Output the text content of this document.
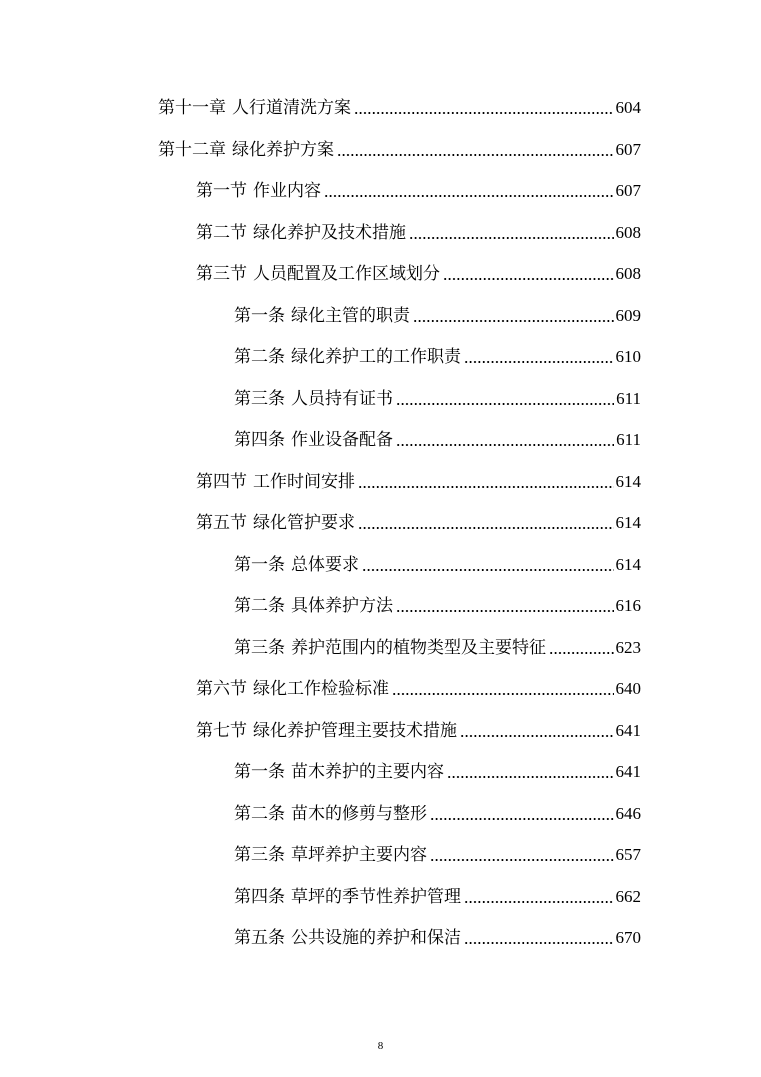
第十一章 人行道清洗方案	604
第十二章 绿化养护方案	607
第一节 作业内容	607
第二节 绿化养护及技术措施	608
第三节 人员配置及工作区域划分	608
第一条 绿化主管的职责	609
第二条 绿化养护工的工作职责	610
第三条 人员持有证书	611
第四条 作业设备配备	611
第四节 工作时间安排	614
第五节 绿化管护要求	614
第一条 总体要求	614
第二条 具体养护方法	616
第三条 养护范围内的植物类型及主要特征	623
第六节 绿化工作检验标准	640
第七节 绿化养护管理主要技术措施	641
第一条 苗木养护的主要内容	641
第二条 苗木的修剪与整形	646
第三条 草坪养护主要内容	657
第四条 草坪的季节性养护管理	662
第五条 公共设施的养护和保洁	670
8
